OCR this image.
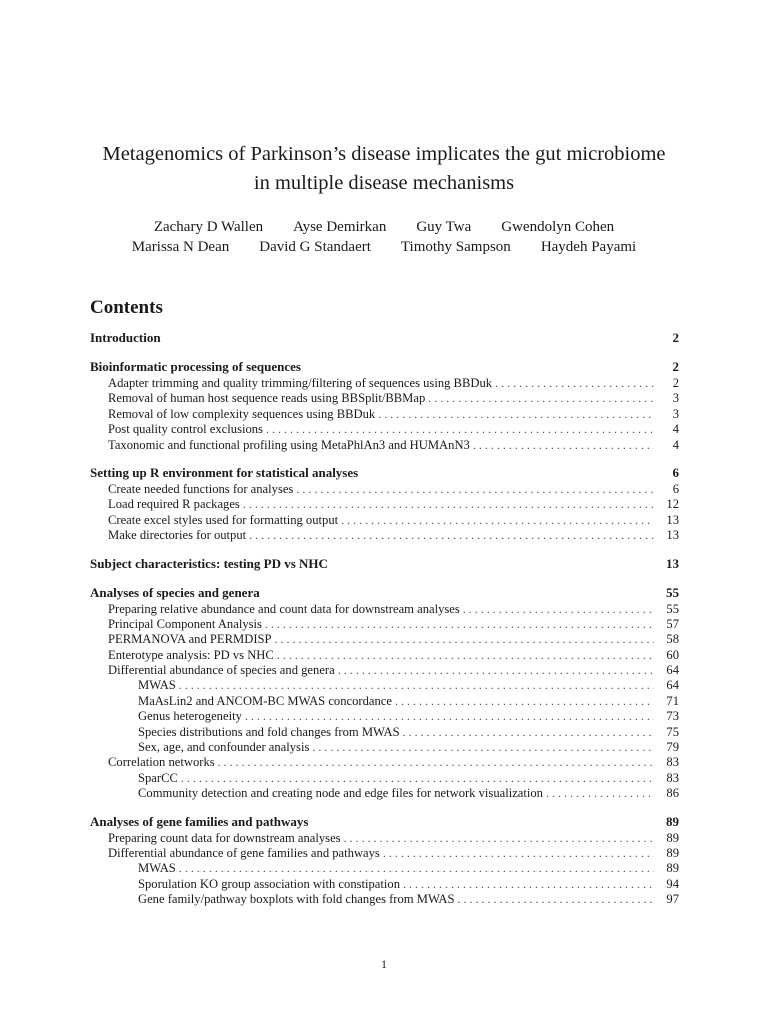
Metagenomics of Parkinson’s disease implicates the gut microbiome
in multiple disease mechanisms
Zachary D Wallen Ayse Demirkan Guy Twa Gwendolyn Cohen
Marissa N Dean David G Standaert Timothy Sampson Haydeh Payami
Contents
Introduction	2
Bioinformatic processing of sequences	2
Adapter trimming and quality trimming/filtering of sequences using BBDuk . . .	2
Removal of human host sequence reads using BBSplit/BBMap . . .	3
Removal of low complexity sequences using BBDuk . . .	3
Post quality control exclusions . . .	4
Taxonomic and functional profiling using MetaPhlAn3 and HUMAnN3 . . .	4
Setting up R environment for statistical analyses	6
Create needed functions for analyses . . .	6
Load required R packages . . .	12
Create excel styles used for formatting output . . .	13
Make directories for output . . .	13
Subject characteristics: testing PD vs NHC	13
Analyses of species and genera	55
Preparing relative abundance and count data for downstream analyses . . .	55
Principal Component Analysis . . .	57
PERMANOVA and PERMDISP . . .	58
Enterotype analysis: PD vs NHC . . .	60
Differential abundance of species and genera . . .	64
MWAS . . .	64
MaAsLin2 and ANCOM-BC MWAS concordance . . .	71
Genus heterogeneity . . .	73
Species distributions and fold changes from MWAS . . .	75
Sex, age, and confounder analysis . . .	79
Correlation networks . . .	83
SparCC . . .	83
Community detection and creating node and edge files for network visualization . . .	86
Analyses of gene families and pathways	89
Preparing count data for downstream analyses . . .	89
Differential abundance of gene families and pathways . . .	89
MWAS . . .	89
Sporulation KO group association with constipation . . .	94
Gene family/pathway boxplots with fold changes from MWAS . . .	97
1
